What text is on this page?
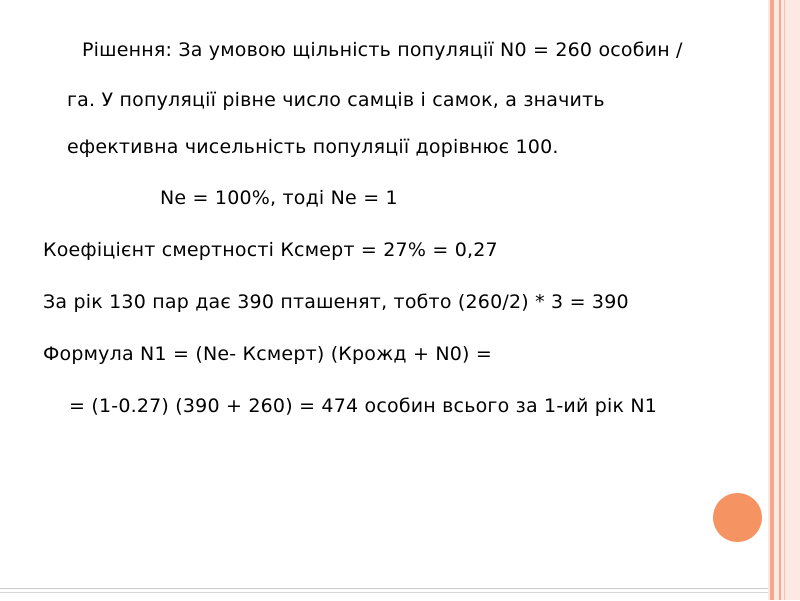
Рішення: За умовою щільність популяції N0 = 260 особин /
га. У популяції рівне число самців і самок, а значить
ефективна чисельність популяції дорівнює 100.
Ne = 100%, тоді Ne = 1
Коефіцієнт смертності Ксмерт = 27% = 0,27
За рік 130 пар дає 390 пташенят, тобто (260/2) * 3 = 390
Формула N1 = (Ne- Ксмерт) (Крожд + N0) =
= (1-0.27) (390 + 260) = 474 особин всього за 1-ий рік N1
